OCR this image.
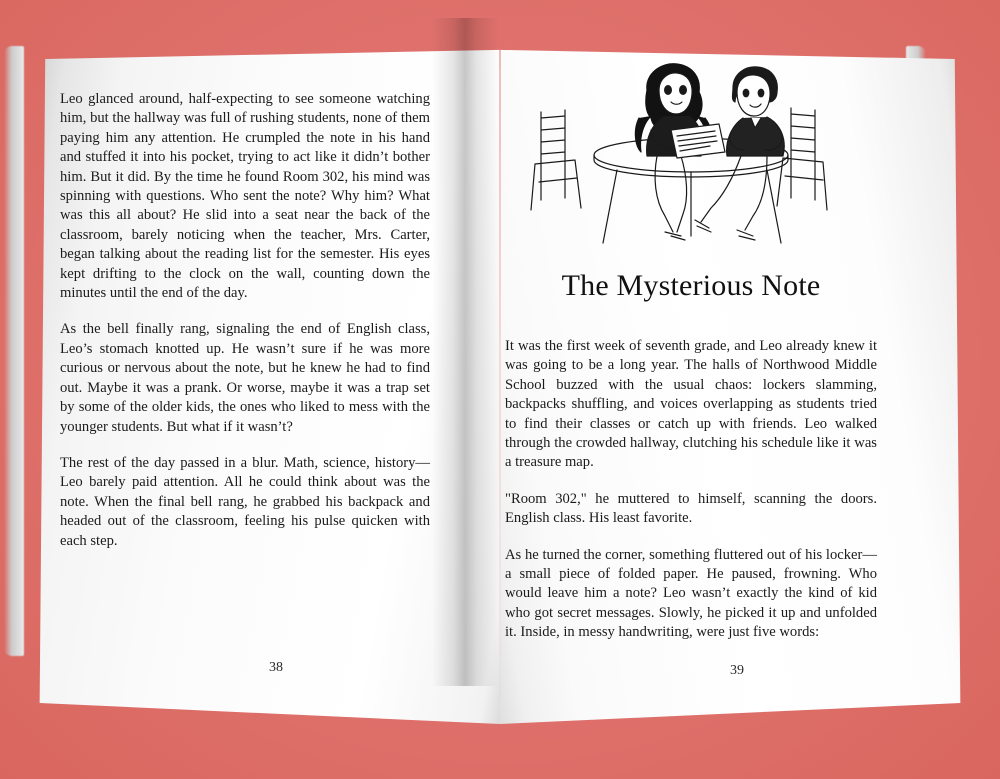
Leo glanced around, half-expecting to see someone watching him, but the hallway was full of rushing students, none of them paying him any attention. He crumpled the note in his hand and stuffed it into his pocket, trying to act like it didn’t bother him. But it did. By the time he found Room 302, his mind was spinning with questions. Who sent the note? Why him? What was this all about? He slid into a seat near the back of the classroom, barely noticing when the teacher, Mrs. Carter, began talking about the reading list for the semester. His eyes kept drifting to the clock on the wall, counting down the minutes until the end of the day.

As the bell finally rang, signaling the end of English class, Leo’s stomach knotted up. He wasn’t sure if he was more curious or nervous about the note, but he knew he had to find out. Maybe it was a prank. Or worse, maybe it was a trap set by some of the older kids, the ones who liked to mess with the younger students. But what if it wasn’t?

The rest of the day passed in a blur. Math, science, history—Leo barely paid attention. All he could think about was the note. When the final bell rang, he grabbed his backpack and headed out of the classroom, feeling his pulse quicken with each step.

38
The Mysterious Note

It was the first week of seventh grade, and Leo already knew it was going to be a long year. The halls of Northwood Middle School buzzed with the usual chaos: lockers slamming, backpacks shuffling, and voices overlapping as students tried to find their classes or catch up with friends. Leo walked through the crowded hallway, clutching his schedule like it was a treasure map.

"Room 302," he muttered to himself, scanning the doors. English class. His least favorite.

As he turned the corner, something fluttered out of his locker— a small piece of folded paper. He paused, frowning. Who would leave him a note? Leo wasn’t exactly the kind of kid who got secret messages. Slowly, he picked it up and unfolded it. Inside, in messy handwriting, were just five words:

39
